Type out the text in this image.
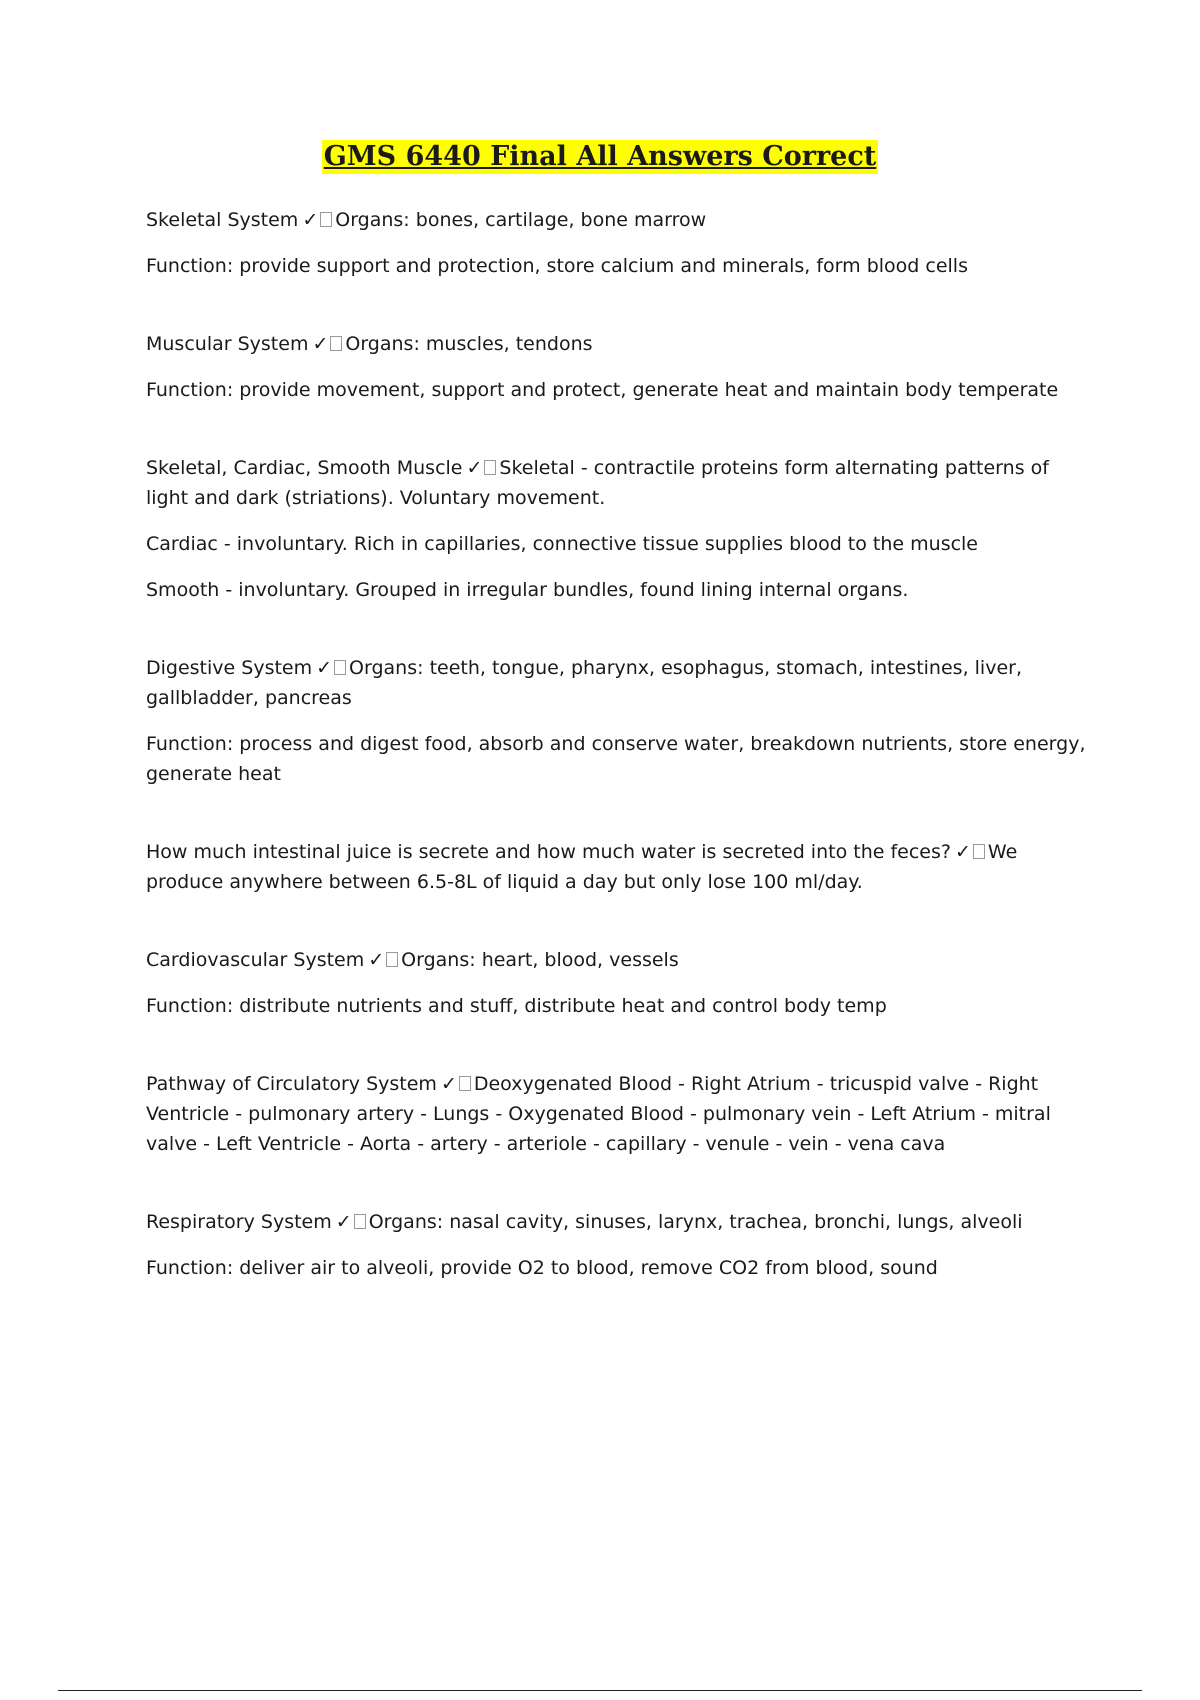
GMS 6440 Final All Answers Correct

Skeletal System ✓ Organs: bones, cartilage, bone marrow

Function: provide support and protection, store calcium and minerals, form blood cells

Muscular System ✓ Organs: muscles, tendons

Function: provide movement, support and protect, generate heat and maintain body temperate

Skeletal, Cardiac, Smooth Muscle ✓ Skeletal - contractile proteins form alternating patterns of light and dark (striations). Voluntary movement.

Cardiac - involuntary. Rich in capillaries, connective tissue supplies blood to the muscle

Smooth - involuntary. Grouped in irregular bundles, found lining internal organs.

Digestive System ✓ Organs: teeth, tongue, pharynx, esophagus, stomach, intestines, liver, gallbladder, pancreas

Function: process and digest food, absorb and conserve water, breakdown nutrients, store energy, generate heat

How much intestinal juice is secrete and how much water is secreted into the feces? ✓ We produce anywhere between 6.5-8L of liquid a day but only lose 100 ml/day.

Cardiovascular System ✓ Organs: heart, blood, vessels

Function: distribute nutrients and stuff, distribute heat and control body temp

Pathway of Circulatory System ✓ Deoxygenated Blood - Right Atrium - tricuspid valve - Right Ventricle - pulmonary artery - Lungs - Oxygenated Blood - pulmonary vein - Left Atrium - mitral valve - Left Ventricle - Aorta - artery - arteriole - capillary - venule - vein - vena cava

Respiratory System ✓ Organs: nasal cavity, sinuses, larynx, trachea, bronchi, lungs, alveoli

Function: deliver air to alveoli, provide O2 to blood, remove CO2 from blood, sound
